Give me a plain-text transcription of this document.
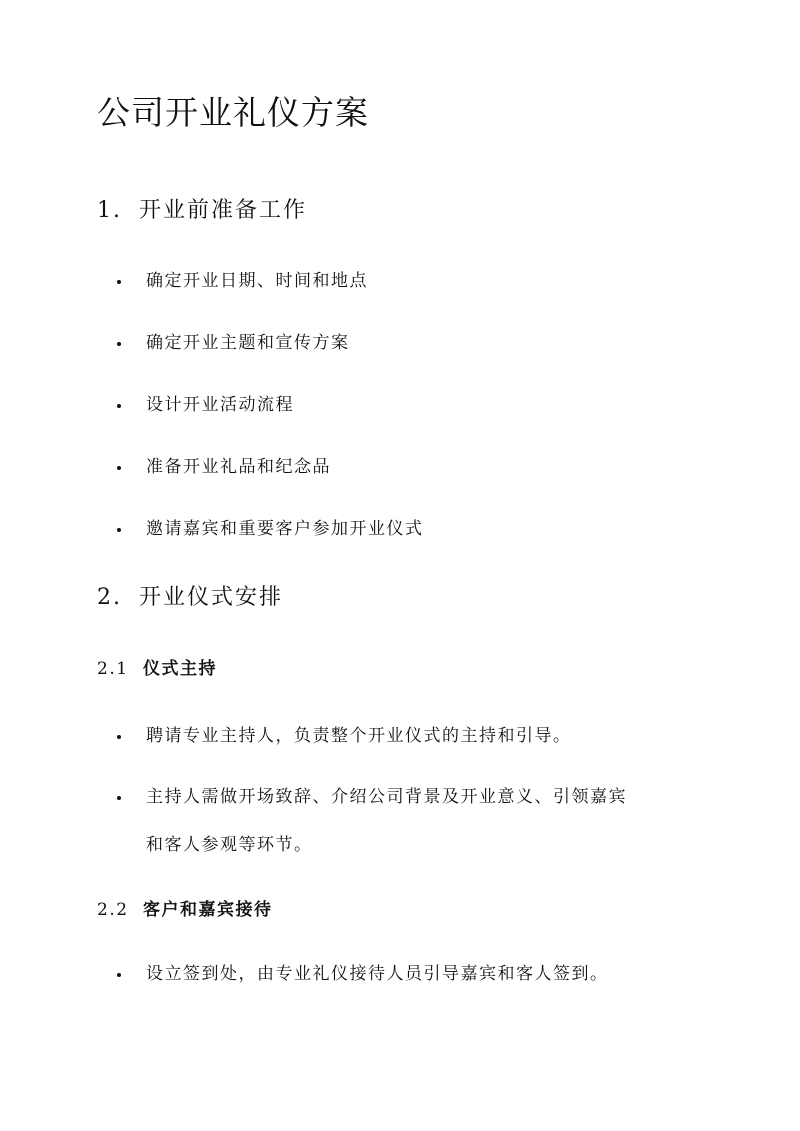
公司开业礼仪方案
1. 开业前准备工作
确定开业日期、时间和地点
确定开业主题和宣传方案
设计开业活动流程
准备开业礼品和纪念品
邀请嘉宾和重要客户参加开业仪式
2. 开业仪式安排
2.1 仪式主持
聘请专业主持人，负责整个开业仪式的主持和引导。
主持人需做开场致辞、介绍公司背景及开业意义、引领嘉宾
和客人参观等环节。
2.2 客户和嘉宾接待
设立签到处，由专业礼仪接待人员引导嘉宾和客人签到。
